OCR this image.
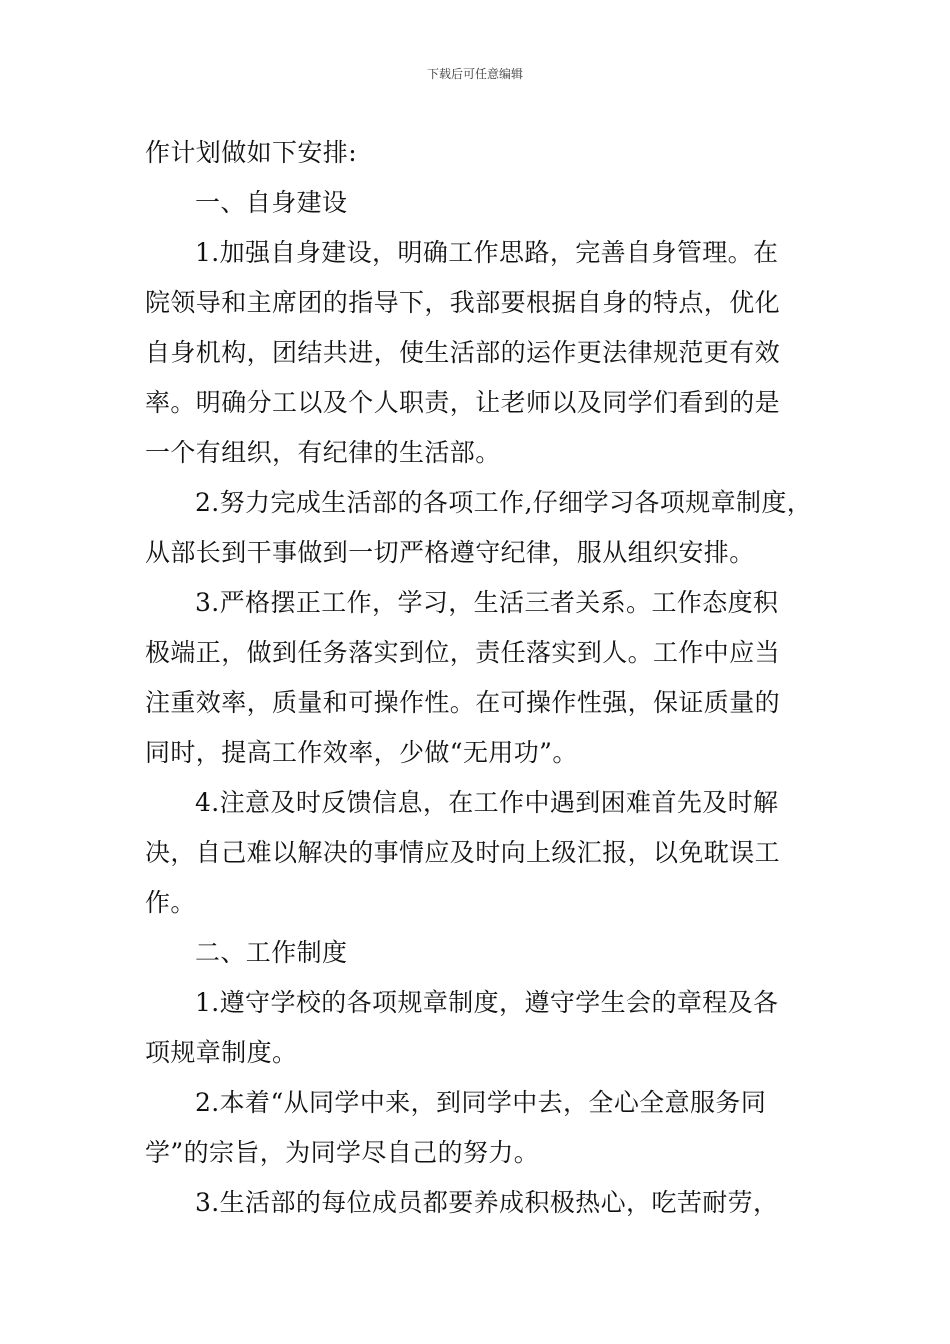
下载后可任意编辑
作计划做如下安排:
一、自身建设
1.加强自身建设，明确工作思路，完善自身管理。在
院领导和主席团的指导下，我部要根据自身的特点，优化
自身机构，团结共进，使生活部的运作更法律规范更有效
率。明确分工以及个人职责，让老师以及同学们看到的是
一个有组织，有纪律的生活部。
2.努力完成生活部的各项工作,仔细学习各项规章制度，
从部长到干事做到一切严格遵守纪律，服从组织安排。
3.严格摆正工作，学习，生活三者关系。工作态度积
极端正，做到任务落实到位，责任落实到人。工作中应当
注重效率，质量和可操作性。在可操作性强，保证质量的
同时，提高工作效率，少做“无用功”。
4.注意及时反馈信息，在工作中遇到困难首先及时解
决，自己难以解决的事情应及时向上级汇报，以免耽误工
作。
二、工作制度
1.遵守学校的各项规章制度，遵守学生会的章程及各
项规章制度。
2.本着“从同学中来，到同学中去，全心全意服务同
学”的宗旨，为同学尽自己的努力。
3.生活部的每位成员都要养成积极热心，吃苦耐劳，
